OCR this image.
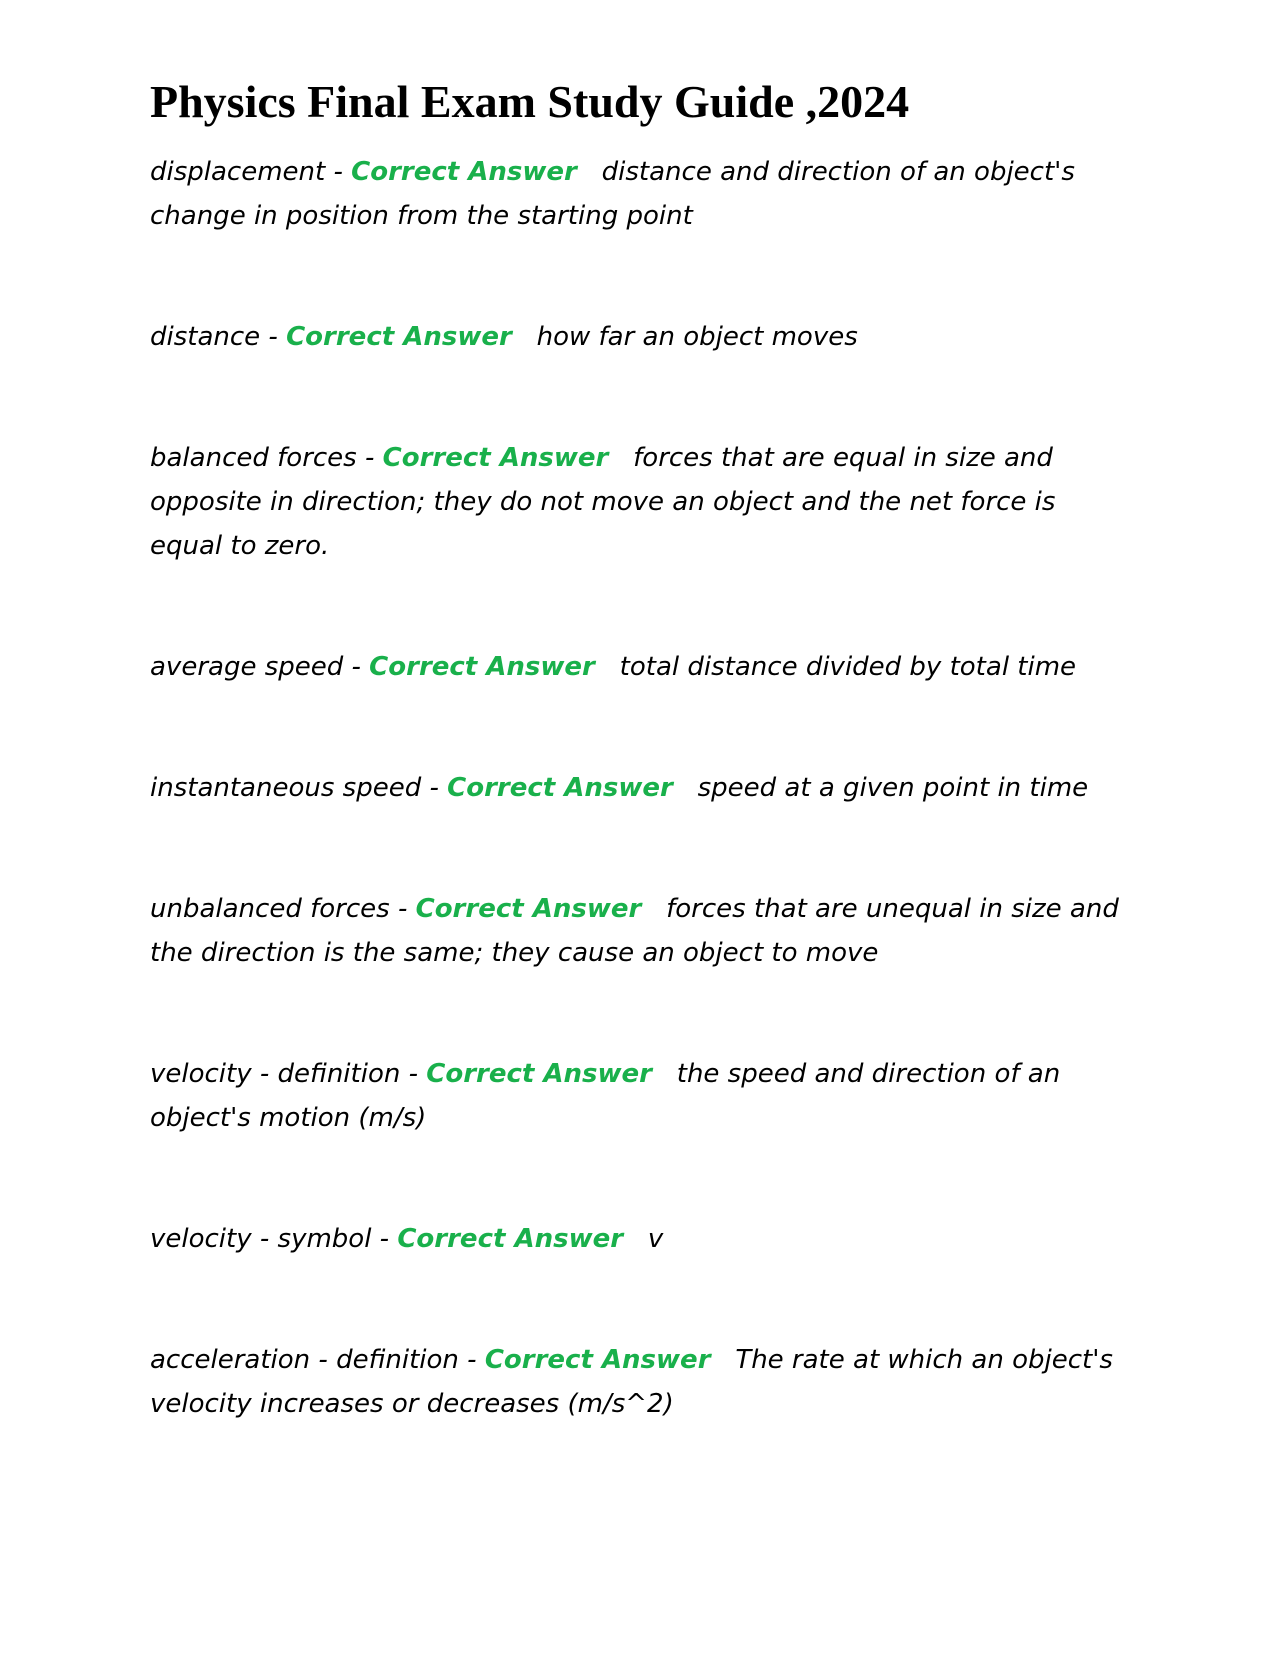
Physics Final Exam Study Guide ,2024
displacement - Correct Answer distance and direction of an object's change in position from the starting point
distance - Correct Answer how far an object moves
balanced forces - Correct Answer forces that are equal in size and opposite in direction; they do not move an object and the net force is equal to zero.
average speed - Correct Answer total distance divided by total time
instantaneous speed - Correct Answer speed at a given point in time
unbalanced forces - Correct Answer forces that are unequal in size and the direction is the same; they cause an object to move
velocity - definition - Correct Answer the speed and direction of an object's motion (m/s)
velocity - symbol - Correct Answer v
acceleration - definition - Correct Answer The rate at which an object's velocity increases or decreases (m/s^2)
